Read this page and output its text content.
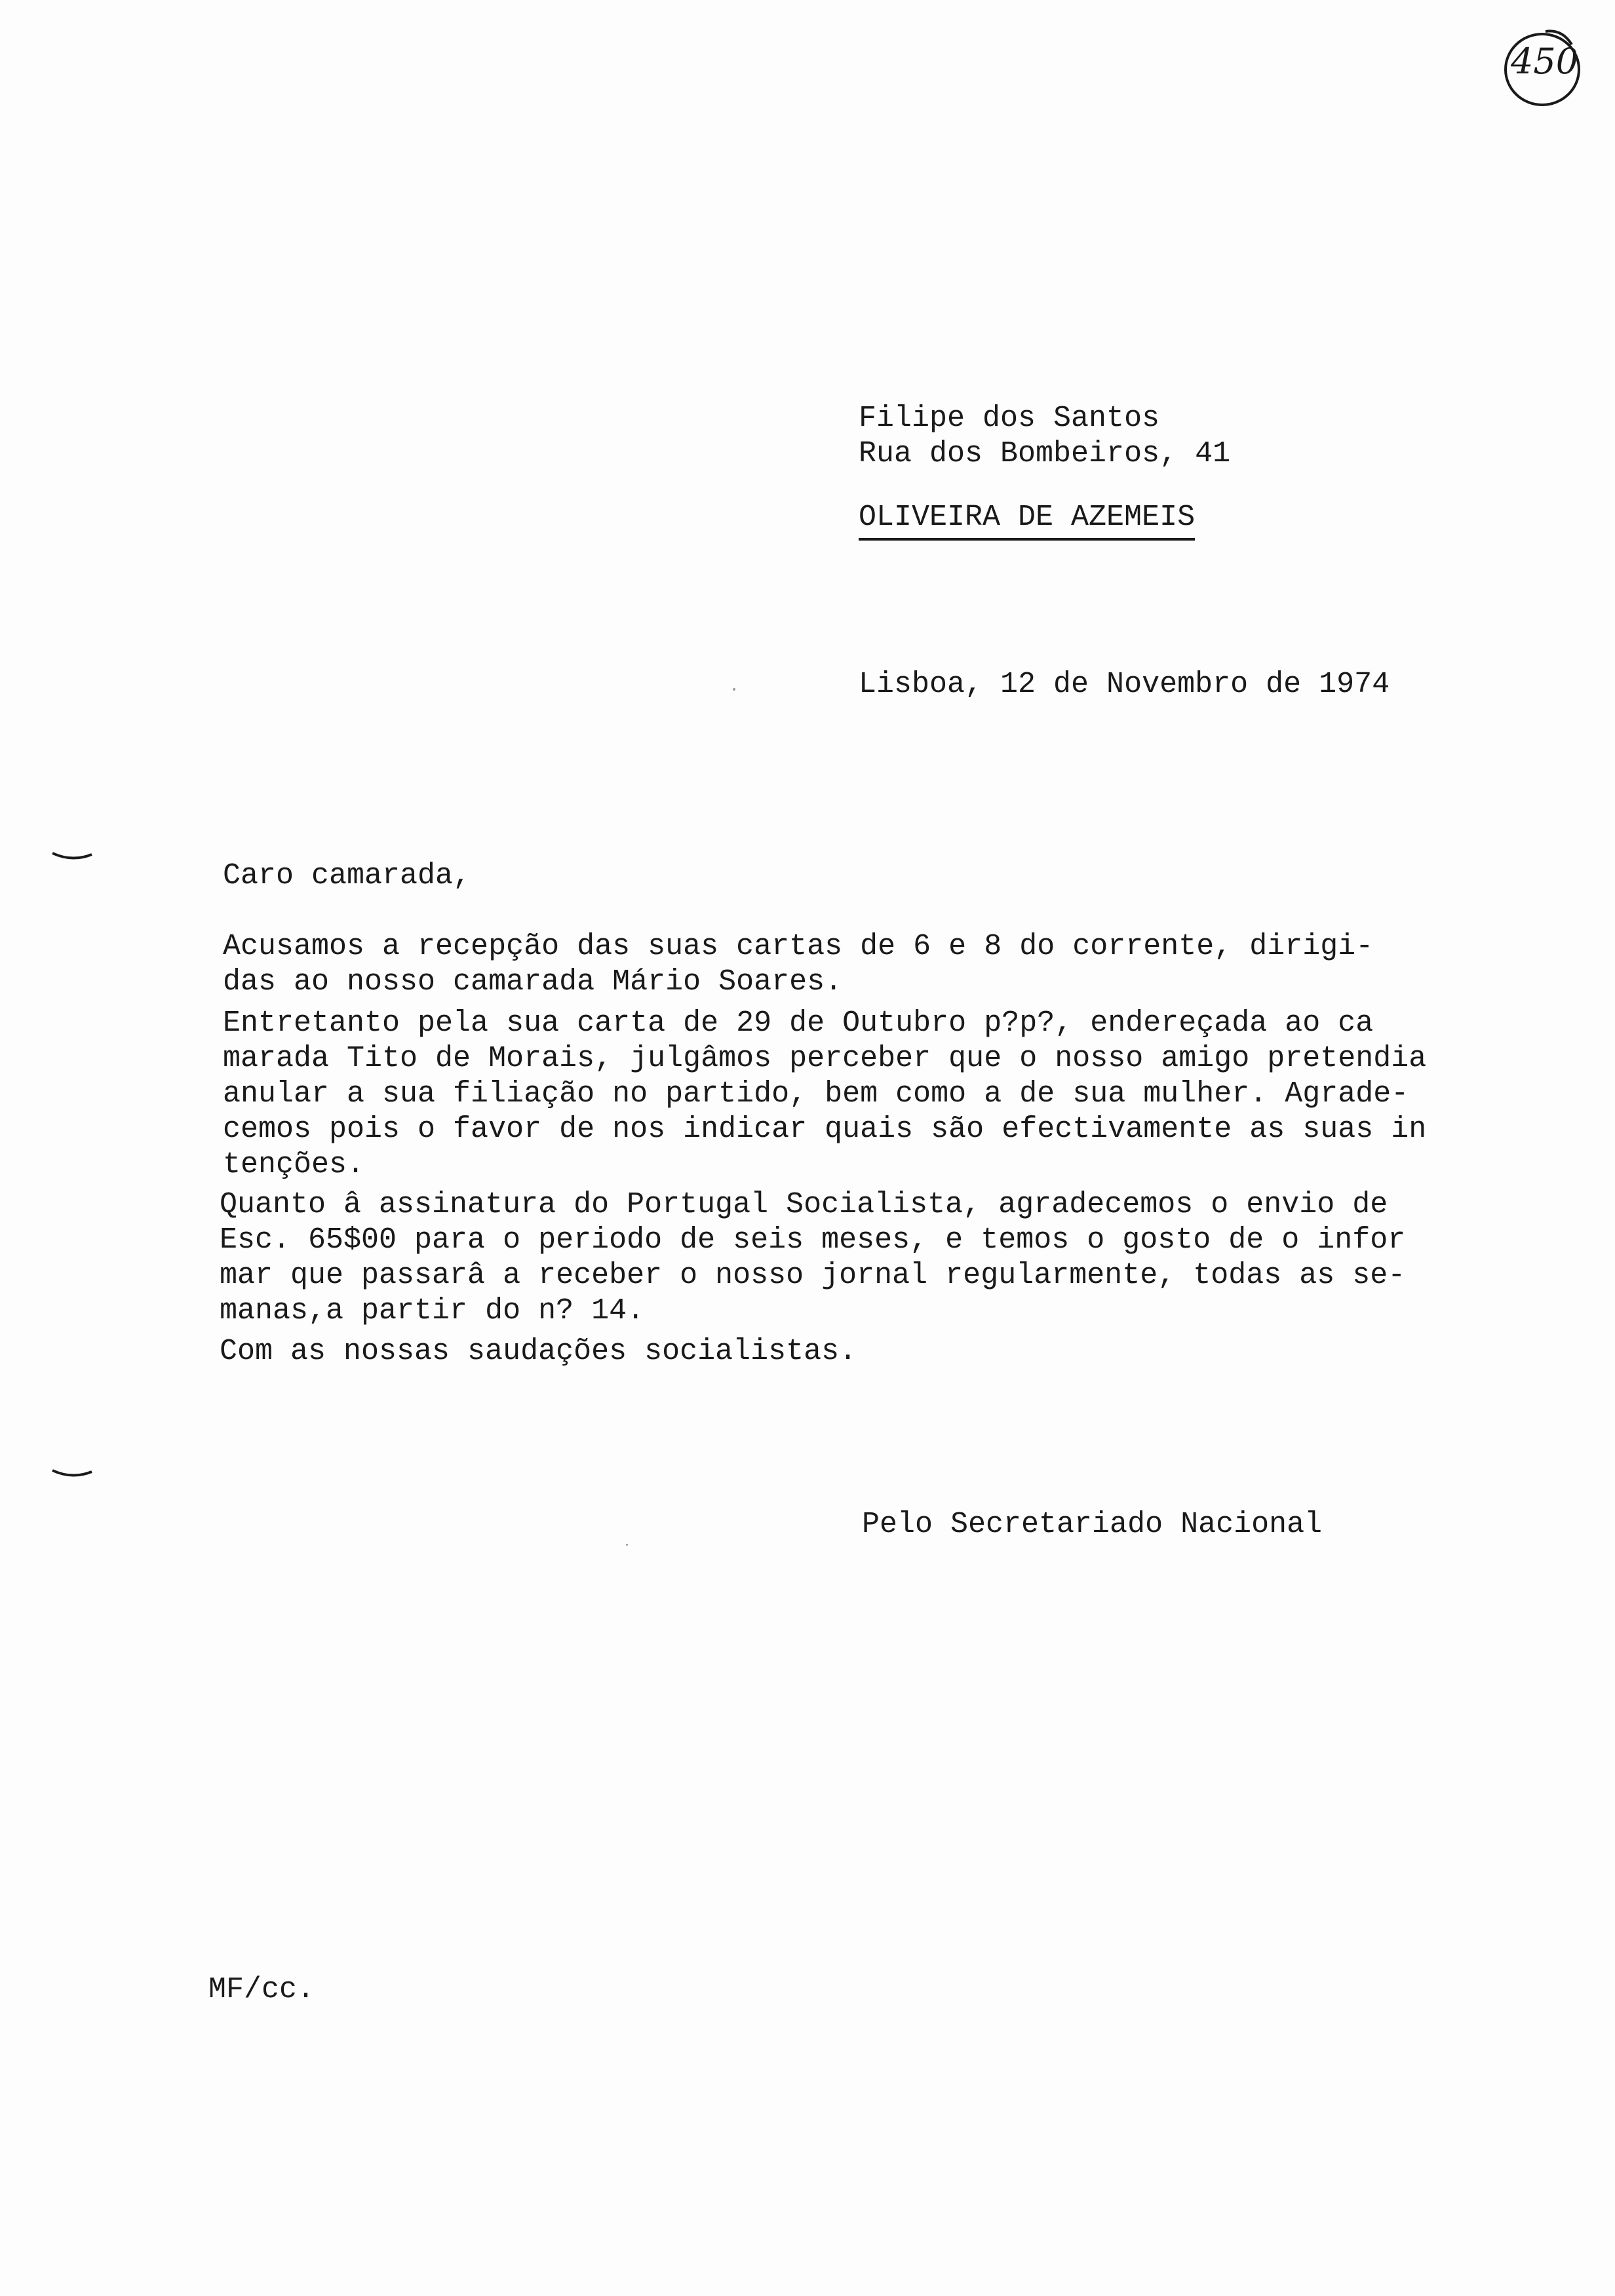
450
Filipe dos Santos
Rua dos Bombeiros, 41
OLIVEIRA DE AZEMEIS
Lisboa, 12 de Novembro de 1974
Caro camarada,
Acusamos a recepção das suas cartas de 6 e 8 do corrente, dirigi-
das ao nosso camarada Mário Soares.
Entretanto pela sua carta de 29 de Outubro p?p?, endereçada ao ca
marada Tito de Morais, julgâmos perceber que o nosso amigo pretendia
anular a sua filiação no partido, bem como a de sua mulher. Agrade-
cemos pois o favor de nos indicar quais são efectivamente as suas in
tenções.
Quanto â assinatura do Portugal Socialista, agradecemos o envio de
Esc. 65$00 para o periodo de seis meses, e temos o gosto de o infor
mar que passarâ a receber o nosso jornal regularmente, todas as se-
manas,a partir do n? 14.
Com as nossas saudações socialistas.
Pelo Secretariado Nacional
MF/cc.
